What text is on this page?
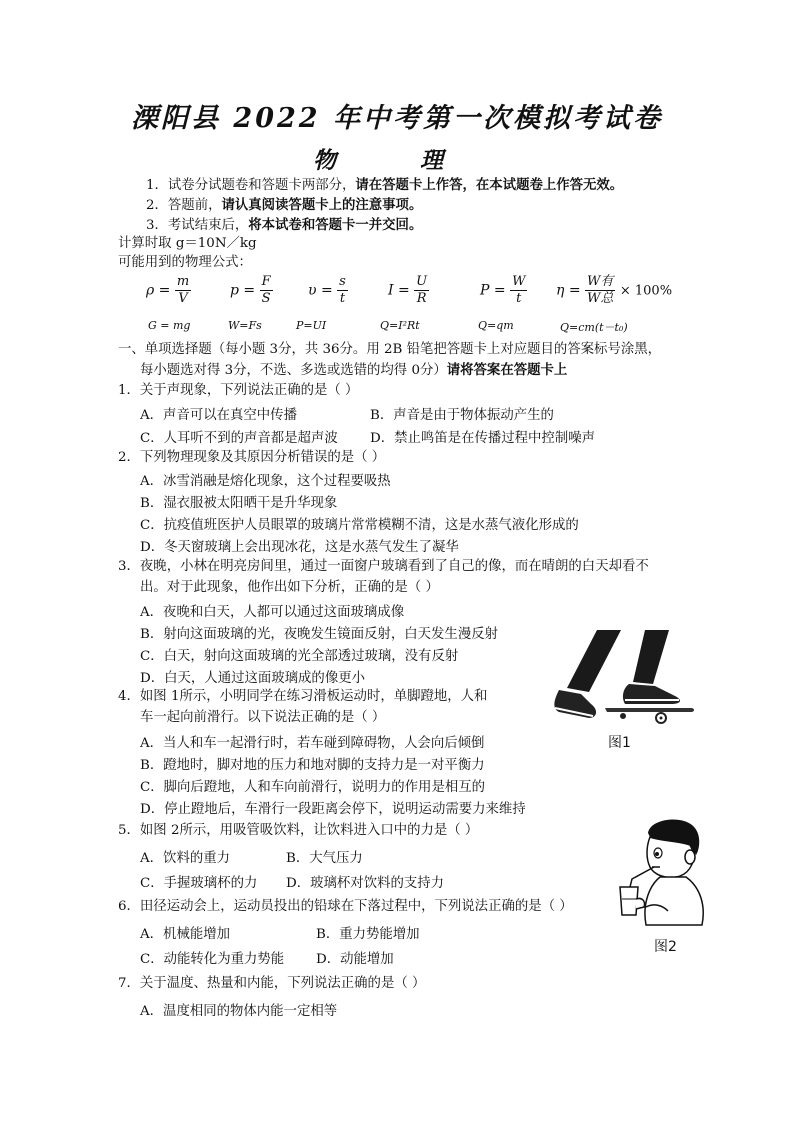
溧阳县 2022 年中考第一次模拟考试卷
物 理
1．试卷分试题卷和答题卡两部分，请在答题卡上作答，在本试题卷上作答无效。
2．答题前，请认真阅读答题卡上的注意事项。
3．考试结束后，将本试卷和答题卡一并交回。
计算时取 g＝10N／kg
可能用到的物理公式：
$\rho = \frac{m}{V}$	$p = \frac{F}{S}$	$\upsilon = \frac{s}{t}$	$I = \frac{U}{R}$	$P = \frac{W}{t}$ $\eta = \frac{\text{W有}}{\text{W总}} \times 100\%$
G = mg	W=Fs	P=UI	Q=I²Rt	Q=qm	Q=cm(t－t₀)
一、单项选择题（每小题 3分，共 36分。用 2B 铅笔把答题卡上对应题目的答案标号涂黑，
每小题选对得 3分，不选、多选或选错的均得 0分）请将答案在答题卡上
1．关于声现象，下列说法正确的是（ ）
A．声音可以在真空中传播	B．声音是由于物体振动产生的
C．人耳听不到的声音都是超声波 D．禁止鸣笛是在传播过程中控制噪声
2．下列物理现象及其原因分析错误的是（ ）
A．冰雪消融是熔化现象，这个过程要吸热
B．湿衣服被太阳晒干是升华现象
C．抗疫值班医护人员眼罩的玻璃片常常模糊不清，这是水蒸气液化形成的
D．冬天窗玻璃上会出现冰花，这是水蒸气发生了凝华
3．夜晚，小林在明亮房间里，通过一面窗户玻璃看到了自己的像，而在晴朗的白天却看不
出。对于此现象，他作出如下分析，正确的是（ ）
A．夜晚和白天，人都可以通过这面玻璃成像
B．射向这面玻璃的光，夜晚发生镜面反射，白天发生漫反射
C．白天，射向这面玻璃的光全部透过玻璃，没有反射
D．白天，人通过这面玻璃成的像更小
4．如图 1所示，小明同学在练习滑板运动时，单脚蹬地，人和
车一起向前滑行。以下说法正确的是（ ）
A．当人和车一起滑行时，若车碰到障碍物，人会向后倾倒
B．蹬地时，脚对地的压力和地对脚的支持力是一对平衡力
C．脚向后蹬地，人和车向前滑行，说明力的作用是相互的
D．停止蹬地后，车滑行一段距离会停下，说明运动需要力来维持
5．如图 2所示，用吸管吸饮料，让饮料进入口中的力是（ ）
A．饮料的重力	B．大气压力
C．手握玻璃杯的力 D．玻璃杯对饮料的支持力
6．田径运动会上，运动员投出的铅球在下落过程中，下列说法正确的是（ ）
A．机械能增加	B．重力势能增加
C．动能转化为重力势能 D．动能增加
7．关于温度、热量和内能，下列说法正确的是（ ）
A．温度相同的物体内能一定相等
图1
图2
